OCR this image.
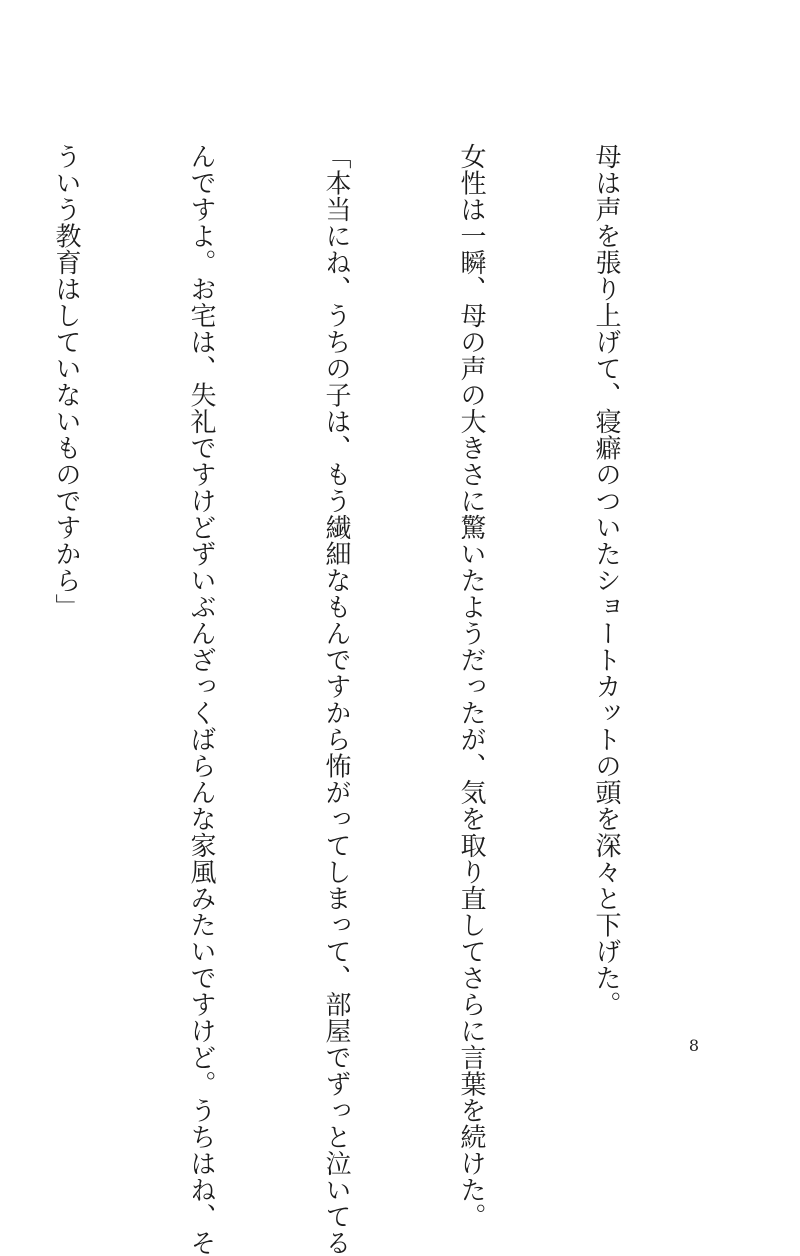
母は声を張り上げて、寝癖のついたショートカットの頭を深々と下げた。

女性は一瞬、母の声の大きさに驚いたようだったが、気を取り直してさらに言葉を続けた。

「本当にね、うちの子は、もう繊細なもんですから怖がってしまって、部屋でずっと泣いてる

んですよ。お宅は、失礼ですけどずいぶんざっくばらんな家風みたいですけど。うちはね、そ

ういう教育はしていないものですから」

8
